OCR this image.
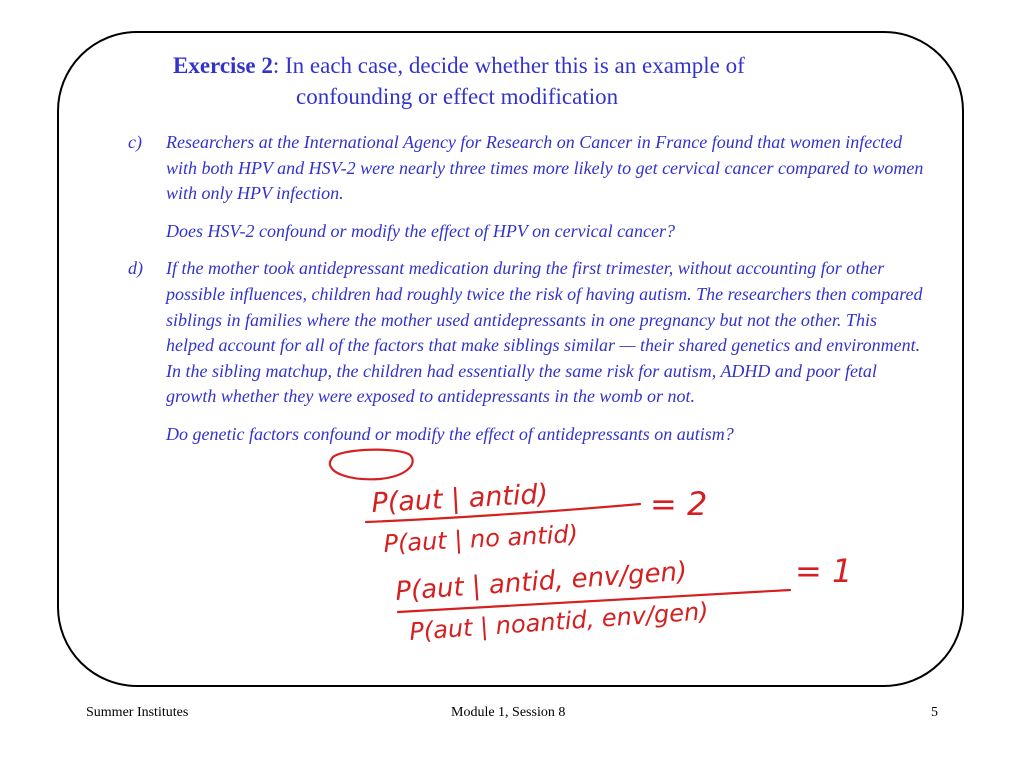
Exercise 2: In each case, decide whether this is an example of
confounding or effect modification
c)	Researchers at the International Agency for Research on Cancer in France found that women infected with both HPV and HSV-2 were nearly three times more likely to get cervical cancer compared to women with only HPV infection.
Does HSV-2 confound or modify the effect of HPV on cervical cancer?
d)	If the mother took antidepressant medication during the first trimester, without accounting for other possible influences, children had roughly twice the risk of having autism. The researchers then compared siblings in families where the mother used antidepressants in one pregnancy but not the other. This helped account for all of the factors that make siblings similar — their shared genetics and environment. In the sibling matchup, the children had essentially the same risk for autism, ADHD and poor fetal growth whether they were exposed to antidepressants in the womb or not.
Do genetic factors confound or modify the effect of antidepressants on autism?
P(aut | antid)
P(aut | no antid)
= 2
P(aut | antid, env/gen)
P(aut | noantid, env/gen)
= 1
Summer Institutes	Module 1, Session 8	5
